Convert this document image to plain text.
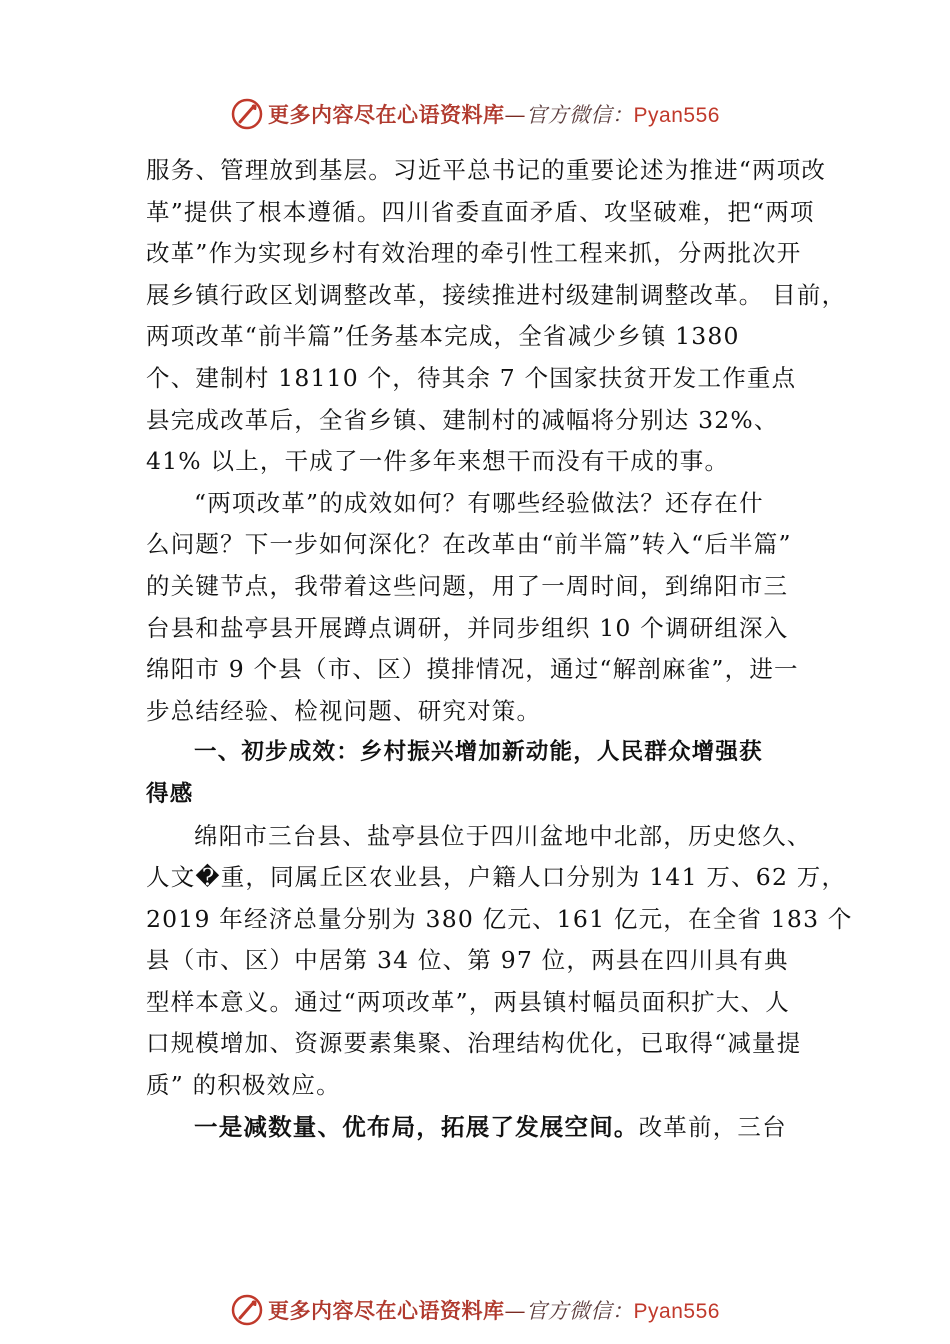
更多内容尽在心语资料库—官方微信：Pyan556
服务、管理放到基层。习近平总书记的重要论述为推进“两项改
革”提供了根本遵循。四川省委直面矛盾、攻坚破难，把“两项
改革”作为实现乡村有效治理的牵引性工程来抓，分两批次开
展乡镇行政区划调整改革，接续推进村级建制调整改革。 目前，
两项改革“前半篇”任务基本完成，全省减少乡镇 1380
个、建制村 18110 个，待其余 7 个国家扶贫开发工作重点
县完成改革后，全省乡镇、建制村的减幅将分别达 32%、
41% 以上，干成了一件多年来想干而没有干成的事。
“两项改革”的成效如何？有哪些经验做法？还存在什
么问题？下一步如何深化？在改革由“前半篇”转入“后半篇”
的关键节点，我带着这些问题，用了一周时间，到绵阳市三
台县和盐亭县开展蹲点调研，并同步组织 10 个调研组深入
绵阳市 9 个县（市、区）摸排情况，通过“解剖麻雀”，进一
步总结经验、检视问题、研究对策。
一、初步成效：乡村振兴增加新动能，人民群众增强获
得感
绵阳市三台县、盐亭县位于四川盆地中北部，历史悠久、
人文�重，同属丘区农业县，户籍人口分别为 141 万、62 万，
2019 年经济总量分别为 380 亿元、161 亿元，在全省 183 个
县（市、区）中居第 34 位、第 97 位，两县在四川具有典
型样本意义。通过“两项改革”，两县镇村幅员面积扩大、人
口规模增加、资源要素集聚、治理结构优化，已取得“减量提
质” 的积极效应。
一是减数量、优布局，拓展了发展空间。改革前，三台
更多内容尽在心语资料库—官方微信：Pyan556
